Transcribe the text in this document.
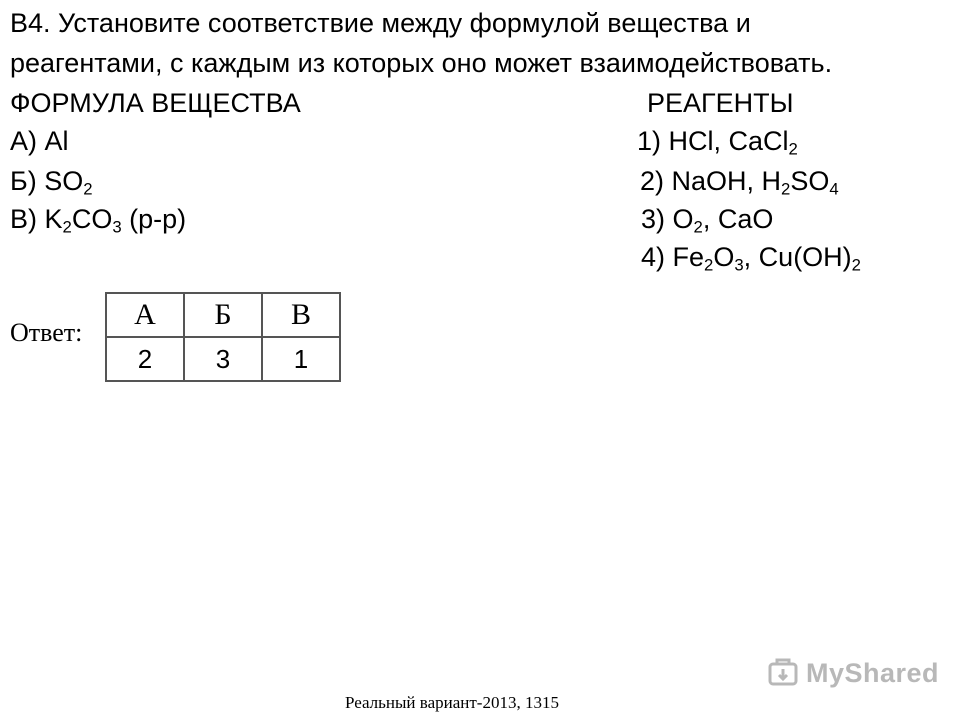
B4. Установите соответствие между формулой вещества и
реагентами, с каждым из которых оно может взаимодействовать.
ФОРМУЛА ВЕЩЕСТВА	РЕАГЕНТЫ
А) Al
Б) $SO_2$
В) $K_2CO_3$ (р-р)
1) HCl, CaCl$_2$
2) NaOH, $H_2SO_4$
3) $O_2$, CaO
4) $Fe_2O_3$, $Cu(OH)_2$
Ответ:
А	Б	В
2	3	1
Реальный вариант-2013, 1315
MyShared
